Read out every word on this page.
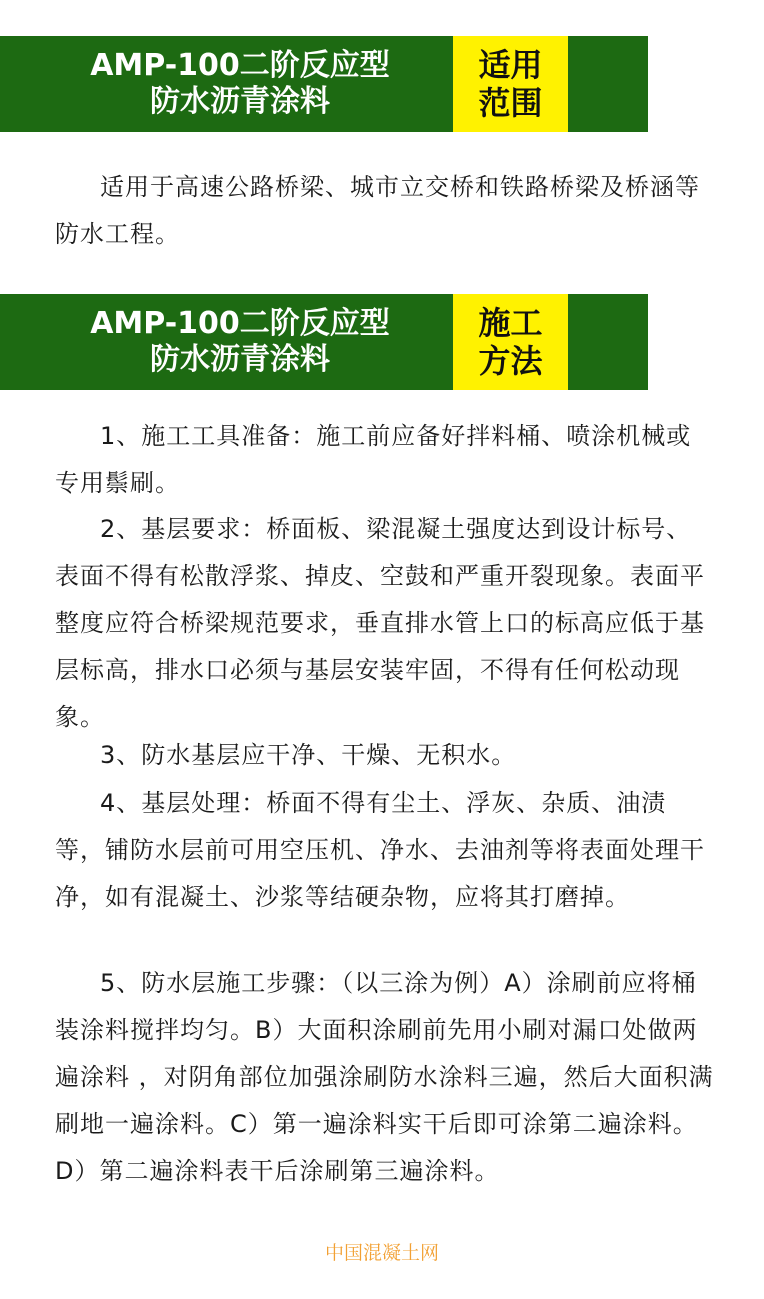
AMP-100二阶反应型
防水沥青涂料
适用
范围

适用于高速公路桥梁、城市立交桥和铁路桥梁及桥涵等防水工程。

AMP-100二阶反应型
防水沥青涂料
施工
方法

1、施工工具准备：施工前应备好拌料桶、喷涂机械或专用鬃刷。

2、基层要求：桥面板、梁混凝土强度达到设计标号、表面不得有松散浮浆、掉皮、空鼓和严重开裂现象。表面平整度应符合桥梁规范要求，垂直排水管上口的标高应低于基层标高，排水口必须与基层安装牢固，不得有任何松动现象。

3、防水基层应干净、干燥、无积水。

4、基层处理：桥面不得有尘土、浮灰、杂质、油渍等，铺防水层前可用空压机、净水、去油剂等将表面处理干净，如有混凝土、沙浆等结硬杂物，应将其打磨掉。

5、防水层施工步骤：（以三涂为例）A）涂刷前应将桶装涂料搅拌均匀。B）大面积涂刷前先用小刷对漏口处做两遍涂料 ，对阴角部位加强涂刷防水涂料三遍，然后大面积满刷地一遍涂料。C）第一遍涂料实干后即可涂第二遍涂料。D）第二遍涂料表干后涂刷第三遍涂料。

中国混凝土网
